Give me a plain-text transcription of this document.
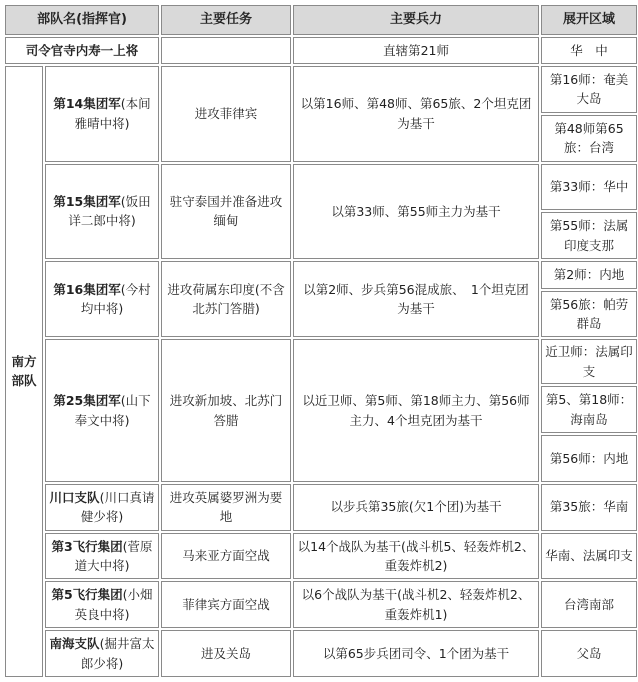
部队名(指挥官)		主要任务	主要兵力	展开区域
司令官寺内寿一上将			直辖第21师	华　中
南方部队	第14集团军(本间雅晴中将)	进攻菲律宾	以第16师、第48师、第65旅、2个坦克团为基干	第16师：奄美大岛
				第48师第65旅：台湾
	第15集团军(饭田详二郎中将)	驻守泰国并准备进攻缅甸	以第33师、第55师主力为基干	第33师：华中
				第55师：法属印度支那
	第16集团军(今村均中将)	进攻荷属东印度(不含北苏门答腊)	以第2师、步兵第56混成旅、　1个坦克团为基干	第2师：内地
				第56旅：帕劳群岛
	第25集团军(山下奉文中将)	进攻新加坡、北苏门答腊	以近卫师、第5师、第18师主力、第56师主力、4个坦克团为基干	近卫师：法属印支
				第5、第18师：海南岛
				第56师：内地
	川口支队(川口真请健少将)	进攻英属婆罗洲为要地	以步兵第35旅(欠1个团)为基干	第35旅：华南
	第3飞行集团(菅原道大中将)	马来亚方面空战	以14个战队为基干(战斗机5、轻轰炸机2、重轰炸机2)	华南、法属印支
	第5飞行集团(小畑英良中将)	菲律宾方面空战	以6个战队为基干(战斗机2、轻轰炸机2、重轰炸机1)	台湾南部
	南海支队(掘井富太郎少将)	进及关岛	以第65步兵团司令、1个团为基干	父岛
